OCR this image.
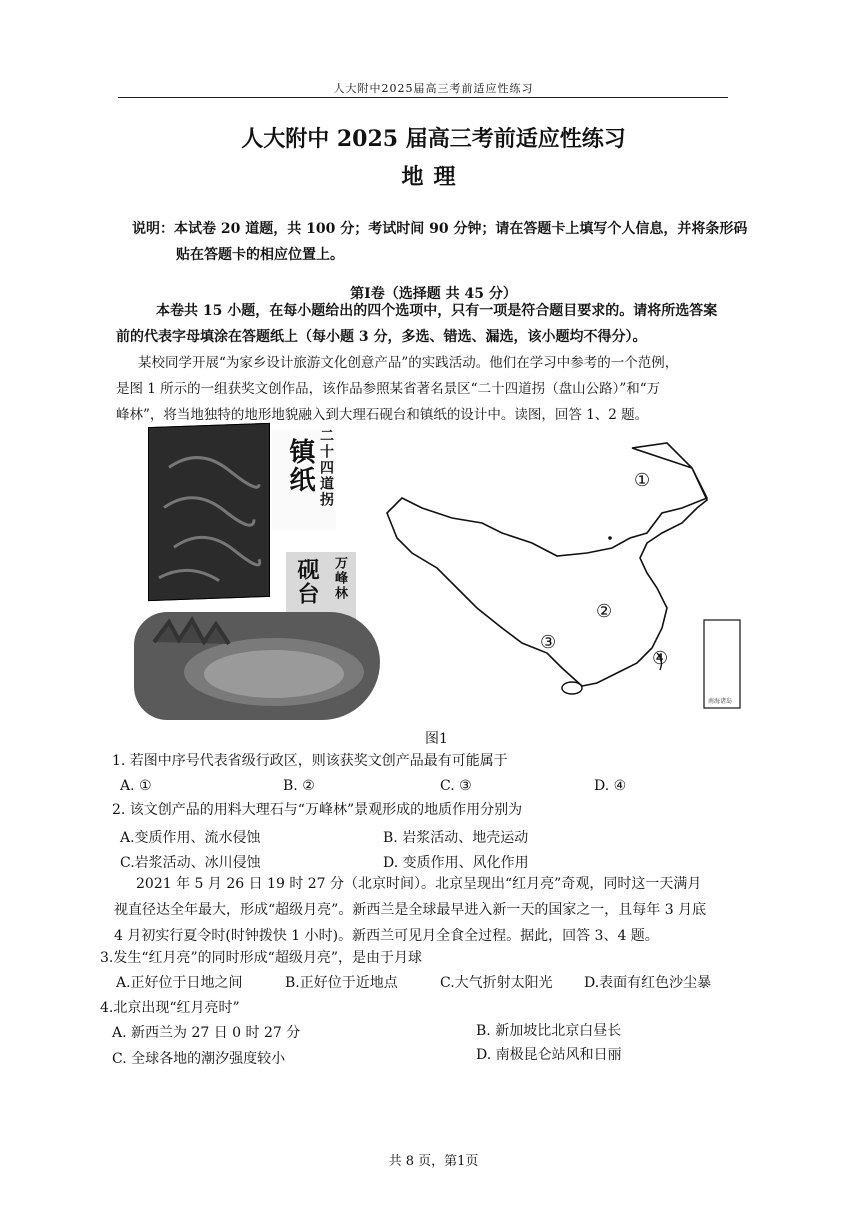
人大附中2025届高三考前适应性练习
人大附中 2025 届高三考前适应性练习
地理
说明：本试卷 20 道题，共 100 分；考试时间 90 分钟；请在答题卡上填写个人信息，并将条形码
贴在答题卡的相应位置上。
第Ⅰ卷（选择题 共 45 分）
本卷共 15 小题，在每小题给出的四个选项中，只有一项是符合题目要求的。请将所选答案
前的代表字母填涂在答题纸上（每小题 3 分，多选、错选、漏选，该小题均不得分）。
某校同学开展“为家乡设计旅游文化创意产品”的实践活动。他们在学习中参考的一个范例，
是图 1 所示的一组获奖文创作品，该作品参照某省著名景区“二十四道拐（盘山公路）”和“万
峰林”，将当地独特的地形地貌融入到大理石砚台和镇纸的设计中。读图，回答 1、2 题。
镇纸 二十四道拐
砚台 万峰林
①
②
③
④
南海诸岛
图1
1. 若图中序号代表省级行政区，则该获奖文创产品最有可能属于
A. ①	B. ②	C. ③	D. ④
2. 该文创产品的用料大理石与“万峰林”景观形成的地质作用分别为
A.变质作用、流水侵蚀	B. 岩浆活动、地壳运动
C.岩浆活动、冰川侵蚀	D. 变质作用、风化作用
2021 年 5 月 26 日 19 时 27 分（北京时间）。北京呈现出“红月亮”奇观，同时这一天满月
视直径达全年最大，形成“超级月亮”。新西兰是全球最早进入新一天的国家之一，且每年 3 月底
4 月初实行夏令时(时钟拨快 1 小时)。新西兰可见月全食全过程。据此，回答 3、4 题。
3.发生“红月亮”的同时形成“超级月亮”，是由于月球
A.正好位于日地之间	B.正好位于近地点	C.大气折射太阳光 D.表面有红色沙尘暴
4.北京出现“红月亮时”
A. 新西兰为 27 日 0 时 27 分	B. 新加坡比北京白昼长
C. 全球各地的潮汐强度较小	D. 南极昆仑站风和日丽
共 8 页，第1页
